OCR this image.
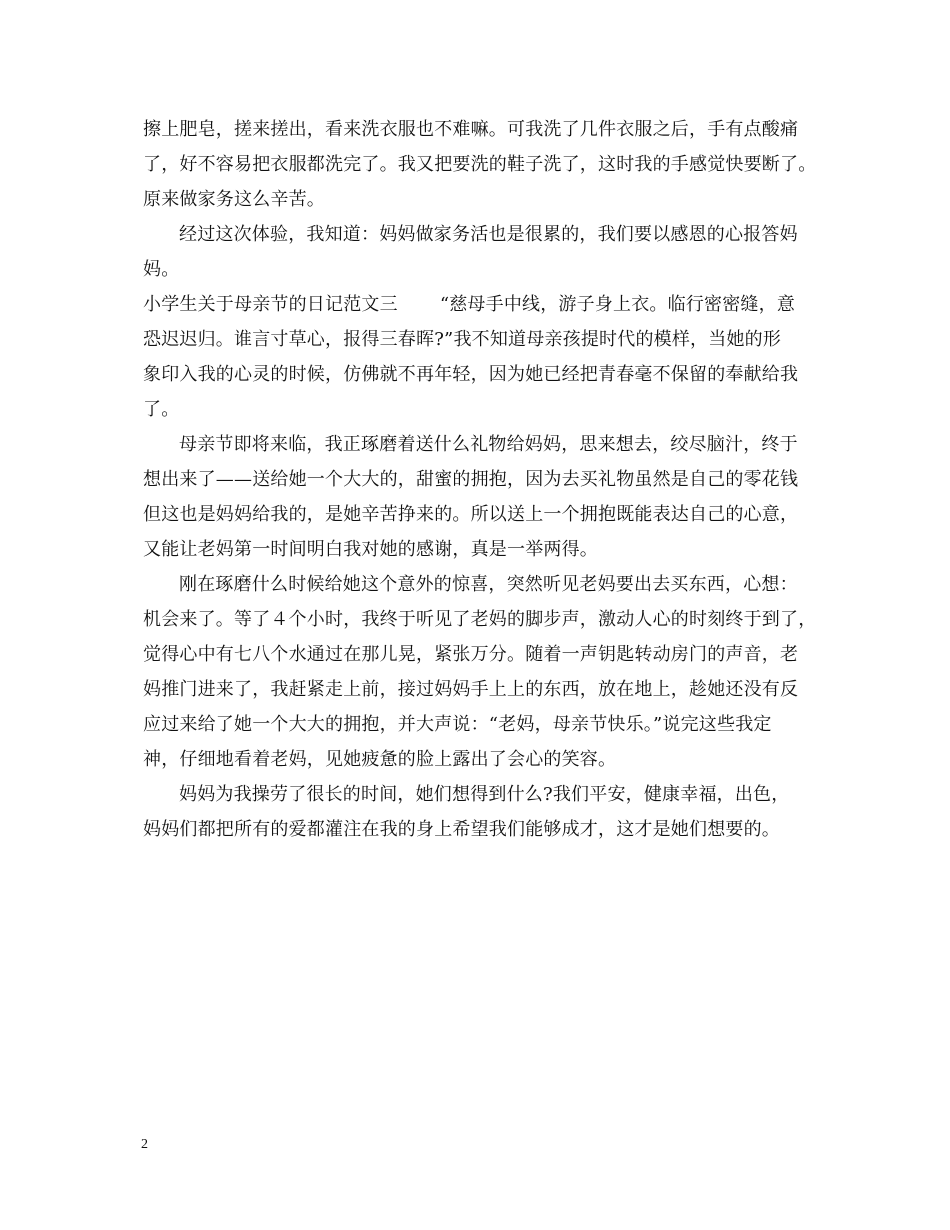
擦上肥皂，搓来搓出，看来洗衣服也不难嘛。可我洗了几件衣服之后，手有点酸痛
了，好不容易把衣服都洗完了。我又把要洗的鞋子洗了，这时我的手感觉快要断了。
原来做家务这么辛苦。
经过这次体验，我知道：妈妈做家务活也是很累的，我们要以感恩的心报答妈
妈。
小学生关于母亲节的日记范文三 “慈母手中线，游子身上衣。临行密密缝，意
恐迟迟归。谁言寸草心，报得三春晖?”我不知道母亲孩提时代的模样，当她的形
象印入我的心灵的时候，仿佛就不再年轻，因为她已经把青春毫不保留的奉献给我
了。
母亲节即将来临，我正琢磨着送什么礼物给妈妈，思来想去，绞尽脑汁，终于
想出来了——送给她一个大大的，甜蜜的拥抱，因为去买礼物虽然是自己的零花钱
但这也是妈妈给我的，是她辛苦挣来的。所以送上一个拥抱既能表达自己的心意，
又能让老妈第一时间明白我对她的感谢，真是一举两得。
刚在琢磨什么时候给她这个意外的惊喜，突然听见老妈要出去买东西，心想：
机会来了。等了４个小时，我终于听见了老妈的脚步声，激动人心的时刻终于到了，
觉得心中有七八个水通过在那儿晃，紧张万分。随着一声钥匙转动房门的声音，老
妈推门进来了，我赶紧走上前，接过妈妈手上上的东西，放在地上，趁她还没有反
应过来给了她一个大大的拥抱，并大声说：“老妈，母亲节快乐。”说完这些我定
神，仔细地看着老妈，见她疲惫的脸上露出了会心的笑容。
妈妈为我操劳了很长的时间，她们想得到什么?我们平安，健康幸福，出色，
妈妈们都把所有的爱都灌注在我的身上希望我们能够成才，这才是她们想要的。
2
